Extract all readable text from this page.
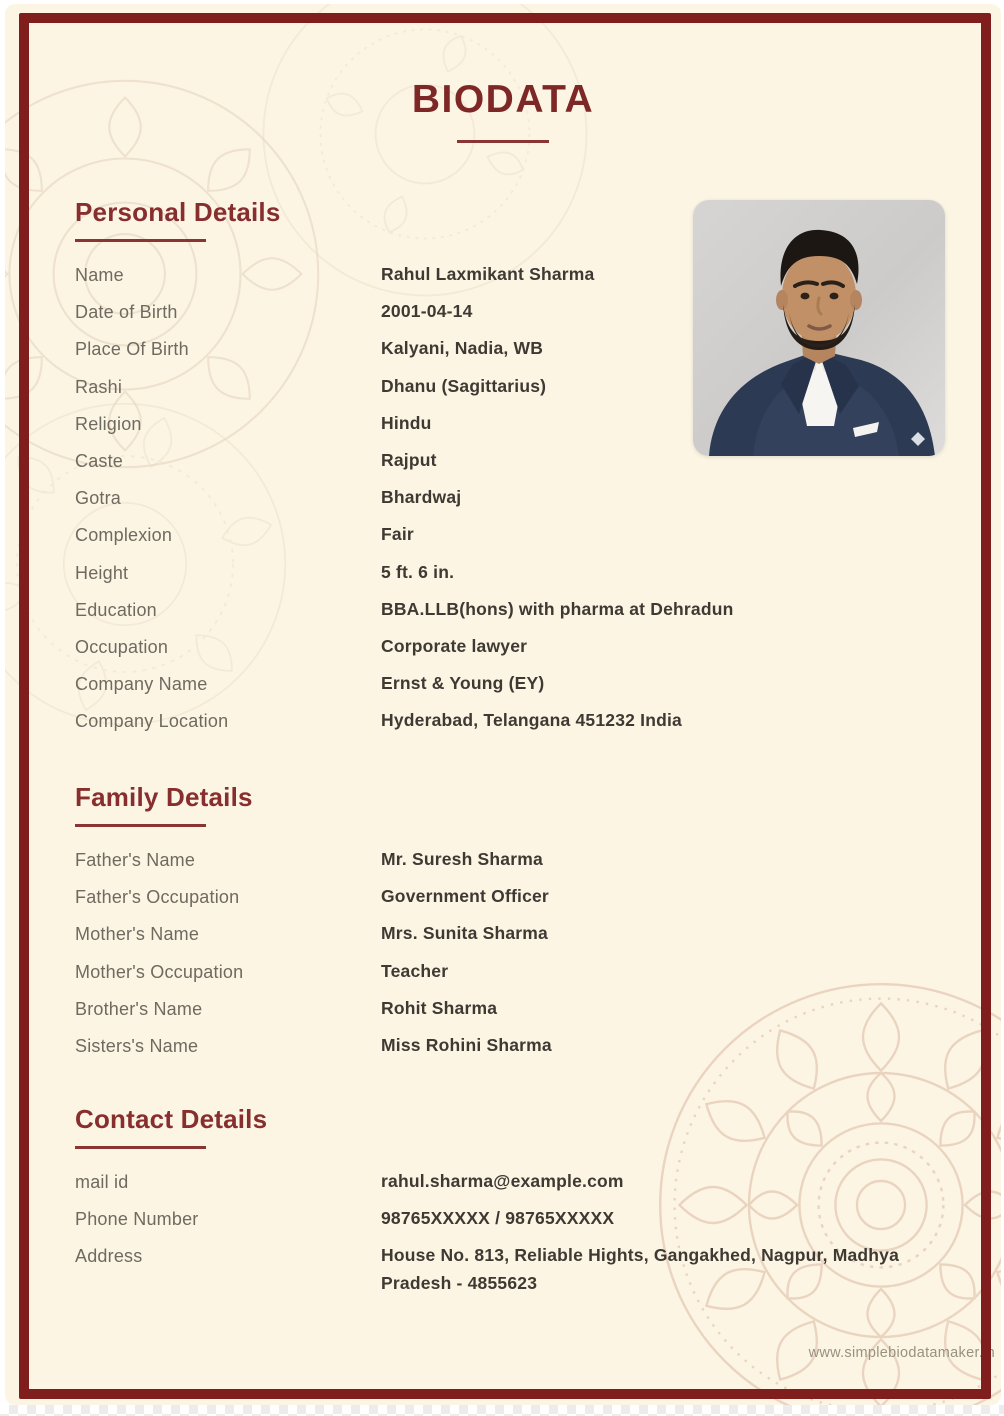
BIODATA
Personal Details
Name	Rahul Laxmikant Sharma
Date of Birth	2001-04-14
Place Of Birth	Kalyani, Nadia, WB
Rashi	Dhanu (Sagittarius)
Religion	Hindu
Caste	Rajput
Gotra	Bhardwaj
Complexion	Fair
Height	5 ft. 6 in.
Education	BBA.LLB(hons) with pharma at Dehradun
Occupation	Corporate lawyer
Company Name	Ernst & Young (EY)
Company Location	Hyderabad, Telangana 451232 India
Family Details
Father's Name	Mr. Suresh Sharma
Father's Occupation	Government Officer
Mother's Name	Mrs. Sunita Sharma
Mother's Occupation	Teacher
Brother's Name	Rohit Sharma
Sisters's Name	Miss Rohini Sharma
Contact Details
mail id	rahul.sharma@example.com
Phone Number	98765XXXXX / 98765XXXXX
Address	House No. 813, Reliable Hights, Gangakhed, Nagpur, Madhya Pradesh - 4855623
www.simplebiodatamaker.in
